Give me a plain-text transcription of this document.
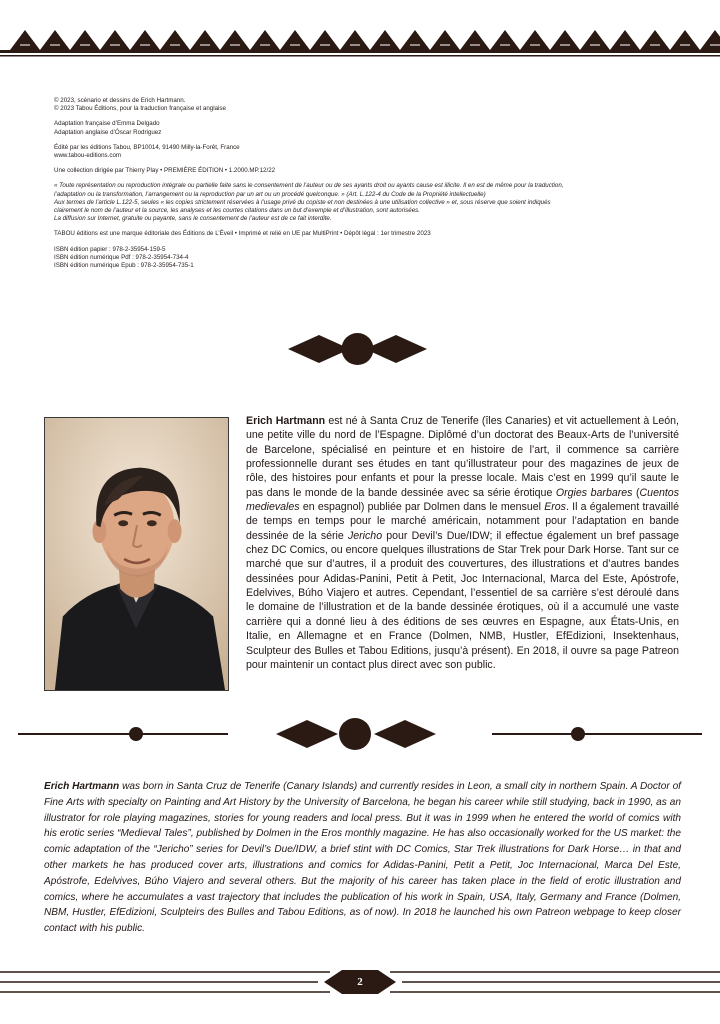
© 2023, scénario et dessins de Erich Hartmann.

© 2023 Tabou Éditions, pour la traduction française et anglaise

Adaptation française d’Emma Delgado

Adaptation anglaise d’Óscar Rodriguez

Édité par les éditions Tabou, BP10014, 91490 Milly-la-Forêt, France

www.tabou-editions.com

Une collection dirigée par Thierry Play • PREMIÈRE ÉDITION • 1.2000.MP.12/22

« Toute représentation ou reproduction intégrale ou partielle faite sans le consentement de l’auteur ou de ses ayants droit ou ayants cause est illicite. Il en est de même pour la traduction, l’adaptation ou la transformation, l’arrangement ou la reproduction par un art ou un procédé quelconque. » (Art. L.122-4 du Code de la Propriété intellectuelle)

Aux termes de l’article L.122-5, seules « les copies strictement réservées à l’usage privé du copiste et non destinées à une utilisation collective » et, sous réserve que soient indiqués clairement le nom de l’auteur et la source, les analyses et les courtes citations dans un but d’exemple et d’illustration, sont autorisées.

La diffusion sur Internet, gratuite ou payante, sans le consentement de l’auteur est de ce fait interdite.

TABOU éditions est une marque éditoriale des Éditions de L’Éveil • Imprimé et relié en UE par MultiPrint • Dépôt légal : 1er trimestre 2023

ISBN édition papier : 978-2-35954-159-5

ISBN édition numérique Pdf : 978-2-35954-734-4

ISBN édition numérique Epub : 978-2-35954-735-1

Erich Hartmann est né à Santa Cruz de Tenerife (îles Canaries) et vit actuellement à León, une petite ville du nord de l’Espagne. Diplômé d’un doctorat des Beaux-Arts de l’université de Barcelone, spécialisé en peinture et en histoire de l’art, il commence sa carrière professionnelle durant ses études en tant qu’illustrateur pour des magazines de jeux de rôle, des histoires pour enfants et pour la presse locale. Mais c’est en 1999 qu’il saute le pas dans le monde de la bande dessinée avec sa série érotique Orgies barbares (Cuentos medievales en espagnol) publiée par Dolmen dans le mensuel Eros. Il a également travaillé de temps en temps pour le marché américain, notamment pour l’adaptation en bande dessinée de la série Jericho pour Devil’s Due/IDW; il effectue également un bref passage chez DC Comics, ou encore quelques illustrations de Star Trek pour Dark Horse. Tant sur ce marché que sur d’autres, il a produit des couvertures, des illustrations et d’autres bandes dessinées pour Adidas-Panini, Petit à Petit, Joc Internacional, Marca del Este, Apóstrofe, Edelvives, Búho Viajero et autres. Cependant, l’essentiel de sa carrière s’est déroulé dans le domaine de l’illustration et de la bande dessinée érotiques, où il a accumulé une vaste carrière qui a donné lieu à des éditions de ses œuvres en Espagne, aux États-Unis, en Italie, en Allemagne et en France (Dolmen, NMB, Hustler, EfEdizioni, Insektenhaus, Sculpteur des Bulles et Tabou Editions, jusqu’à présent). En 2018, il ouvre sa page Patreon pour maintenir un contact plus direct avec son public.
Erich Hartmann was born in Santa Cruz de Tenerife (Canary Islands) and currently resides in Leon, a small city in northern Spain. A Doctor of Fine Arts with specialty on Painting and Art History by the University of Barcelona, he began his career while still studying, back in 1990, as an illustrator for role playing magazines, stories for young readers and local press. But it was in 1999 when he entered the world of comics with his erotic series “Medieval Tales”, published by Dolmen in the Eros monthly magazine. He has also occasionally worked for the US market: the comic adaptation of the “Jericho” series for Devil’s Due/IDW, a brief stint with DC Comics, Star Trek illustrations for Dark Horse… in that and other markets he has produced cover arts, illustrations and comics for Adidas-Panini, Petit a Petit, Joc Internacional, Marca Del Este, Apóstrofe, Edelvives, Búho Viajero and several others. But the majority of his career has taken place in the field of erotic illustration and comics, where he accumulates a vast trajectory that includes the publication of his work in Spain, USA, Italy, Germany and France (Dolmen, NBM, Hustler, EfEdizioni, Sculpteirs des Bulles and Tabou Editions, as of now). In 2018 he launched his own Patreon webpage to keep closer contact with his public.
2
